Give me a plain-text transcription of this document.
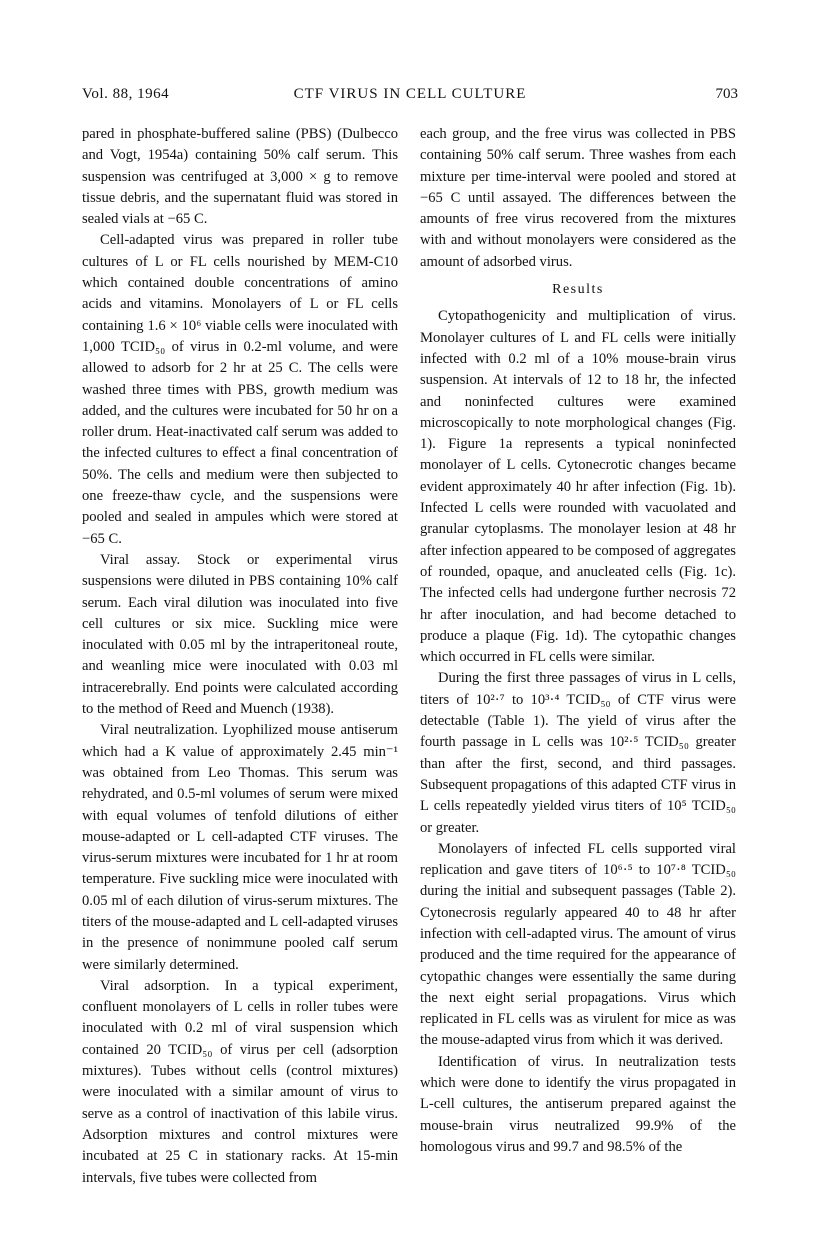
Vol. 88, 1964	CTF VIRUS IN CELL CULTURE	703

pared in phosphate-buffered saline (PBS) (Dulbecco and Vogt, 1954a) containing 50% calf serum. This suspension was centrifuged at 3,000 × g to remove tissue debris, and the supernatant fluid was stored in sealed vials at −65 C.

Cell-adapted virus was prepared in roller tube cultures of L or FL cells nourished by MEM-C10 which contained double concentrations of amino acids and vitamins. Monolayers of L or FL cells containing 1.6 × 10⁶ viable cells were inoculated with 1,000 TCID₅₀ of virus in 0.2-ml volume, and were allowed to adsorb for 2 hr at 25 C. The cells were washed three times with PBS, growth medium was added, and the cultures were incubated for 50 hr on a roller drum. Heat-inactivated calf serum was added to the infected cultures to effect a final concentration of 50%. The cells and medium were then subjected to one freeze-thaw cycle, and the suspensions were pooled and sealed in ampules which were stored at −65 C.

Viral assay. Stock or experimental virus suspensions were diluted in PBS containing 10% calf serum. Each viral dilution was inoculated into five cell cultures or six mice. Suckling mice were inoculated with 0.05 ml by the intraperitoneal route, and weanling mice were inoculated with 0.03 ml intracerebrally. End points were calculated according to the method of Reed and Muench (1938).

Viral neutralization. Lyophilized mouse antiserum which had a K value of approximately 2.45 min⁻¹ was obtained from Leo Thomas. This serum was rehydrated, and 0.5-ml volumes of serum were mixed with equal volumes of tenfold dilutions of either mouse-adapted or L cell-adapted CTF viruses. The virus-serum mixtures were incubated for 1 hr at room temperature. Five suckling mice were inoculated with 0.05 ml of each dilution of virus-serum mixtures. The titers of the mouse-adapted and L cell-adapted viruses in the presence of nonimmune pooled calf serum were similarly determined.

Viral adsorption. In a typical experiment, confluent monolayers of L cells in roller tubes were inoculated with 0.2 ml of viral suspension which contained 20 TCID₅₀ of virus per cell (adsorption mixtures). Tubes without cells (control mixtures) were inoculated with a similar amount of virus to serve as a control of inactivation of this labile virus. Adsorption mixtures and control mixtures were incubated at 25 C in stationary racks. At 15-min intervals, five tubes were collected from

each group, and the free virus was collected in PBS containing 50% calf serum. Three washes from each mixture per time-interval were pooled and stored at −65 C until assayed. The differences between the amounts of free virus recovered from the mixtures with and without monolayers were considered as the amount of adsorbed virus.

Results

Cytopathogenicity and multiplication of virus. Monolayer cultures of L and FL cells were initially infected with 0.2 ml of a 10% mouse-brain virus suspension. At intervals of 12 to 18 hr, the infected and noninfected cultures were examined microscopically to note morphological changes (Fig. 1). Figure 1a represents a typical noninfected monolayer of L cells. Cytonecrotic changes became evident approximately 40 hr after infection (Fig. 1b). Infected L cells were rounded with vacuolated and granular cytoplasms. The monolayer lesion at 48 hr after infection appeared to be composed of aggregates of rounded, opaque, and anucleated cells (Fig. 1c). The infected cells had undergone further necrosis 72 hr after inoculation, and had become detached to produce a plaque (Fig. 1d). The cytopathic changes which occurred in FL cells were similar.

During the first three passages of virus in L cells, titers of 10²·⁷ to 10³·⁴ TCID₅₀ of CTF virus were detectable (Table 1). The yield of virus after the fourth passage in L cells was 10²·⁵ TCID₅₀ greater than after the first, second, and third passages. Subsequent propagations of this adapted CTF virus in L cells repeatedly yielded virus titers of 10⁵ TCID₅₀ or greater.

Monolayers of infected FL cells supported viral replication and gave titers of 10⁶·⁵ to 10⁷·⁸ TCID₅₀ during the initial and subsequent passages (Table 2). Cytonecrosis regularly appeared 40 to 48 hr after infection with cell-adapted virus. The amount of virus produced and the time required for the appearance of cytopathic changes were essentially the same during the next eight serial propagations. Virus which replicated in FL cells was as virulent for mice as was the mouse-adapted virus from which it was derived.

Identification of virus. In neutralization tests which were done to identify the virus propagated in L-cell cultures, the antiserum prepared against the mouse-brain virus neutralized 99.9% of the homologous virus and 99.7 and 98.5% of the
